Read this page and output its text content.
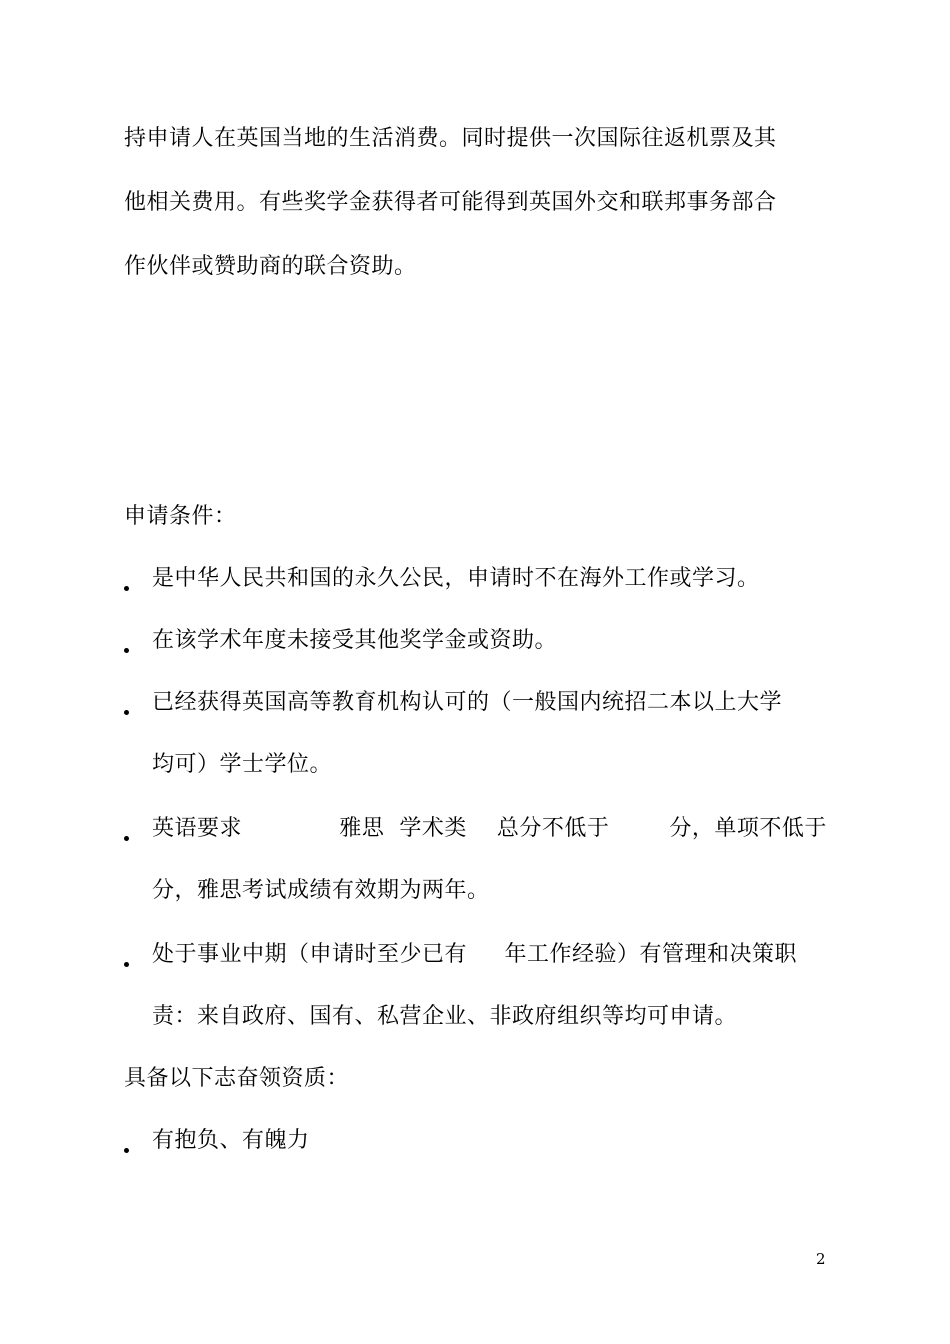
持申请人在英国当地的生活消费。同时提供一次国际往返机票及其
他相关费用。有些奖学金获得者可能得到英国外交和联邦事务部合
作伙伴或赞助商的联合资助。
申请条件：

是中华人民共和国的永久公民，申请时不在海外工作或学习。

在该学术年度未接受其他奖学金或资助。

已经获得英国高等教育机构认可的（一般国内统招二本以上大学

均可）学士学位。

英语要求             雅思  学术类    总分不低于        分，单项不低于

分，雅思考试成绩有效期为两年。

处于事业中期（申请时至少已有     年工作经验）有管理和决策职

责：来自政府、国有、私营企业、非政府组织等均可申请。
具备以下志奋领资质：

有抱负、有魄力

2
